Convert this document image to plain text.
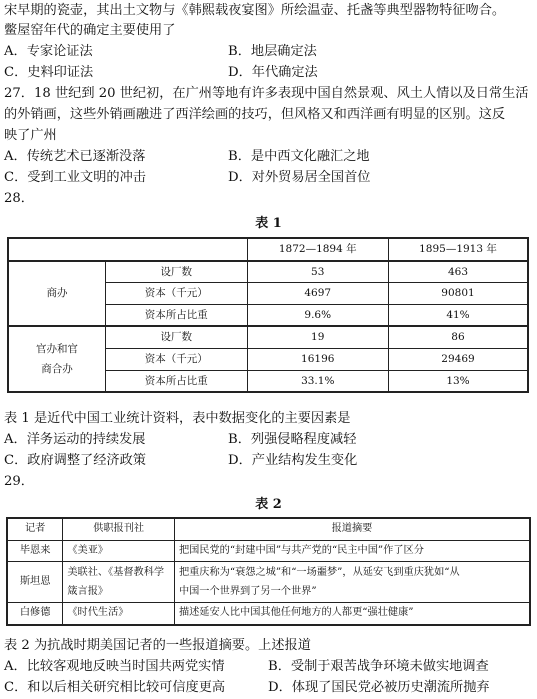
宋早期的瓷壶，其出土文物与《韩熙载夜宴图》所绘温壶、托盏等典型器物特征吻合。
鳖屋窑年代的确定主要使用了
A．专家论证法	B．地层确定法
C．史料印证法	D．年代确定法
27．18 世纪到 20 世纪初，在广州等地有许多表现中国自然景观、风土人情以及日常生活
的外销画，这些外销画融进了西洋绘画的技巧，但风格又和西洋画有明显的区别。这反
映了广州
A．传统艺术已逐渐没落	B．是中西文化融汇之地
C．受到工业文明的冲击	D．对外贸易居全国首位
28．
表 1
		1872—1894 年	1895—1913 年
商办	设厂数	53	463
	资本（千元）	4697	90801
	资本所占比重	9.6%	41%
官办和官
商合办	设厂数	19	86
	资本（千元）	16196	29469
	资本所占比重	33.1%	13%
表 1 是近代中国工业统计资料，表中数据变化的主要因素是
A．洋务运动的持续发展	B．列强侵略程度减轻
C．政府调整了经济政策	D．产业结构发生变化
29．
表 2
记者	供职报刊社	报道摘要
毕恩来	《美亚》	把国民党的“封建中国”与共产党的“民主中国”作了区分
斯坦恩	美联社、《基督教科学箴言报》	把重庆称为“衰怨之城”和“一场噩梦”，从延安飞到重庆犹如“从
中国一个世界到了另一个世界”
白修德	《时代生活》	描述延安人比中国其他任何地方的人都更“强壮健康”
表 2 为抗战时期美国记者的一些报道摘要。上述报道
A．比较客观地反映当时国共两党实情	B．受制于艰苦战争环境未做实地调查
C．和以后相关研究相比较可信度更高	D．体现了国民党必被历史潮流所抛弃
